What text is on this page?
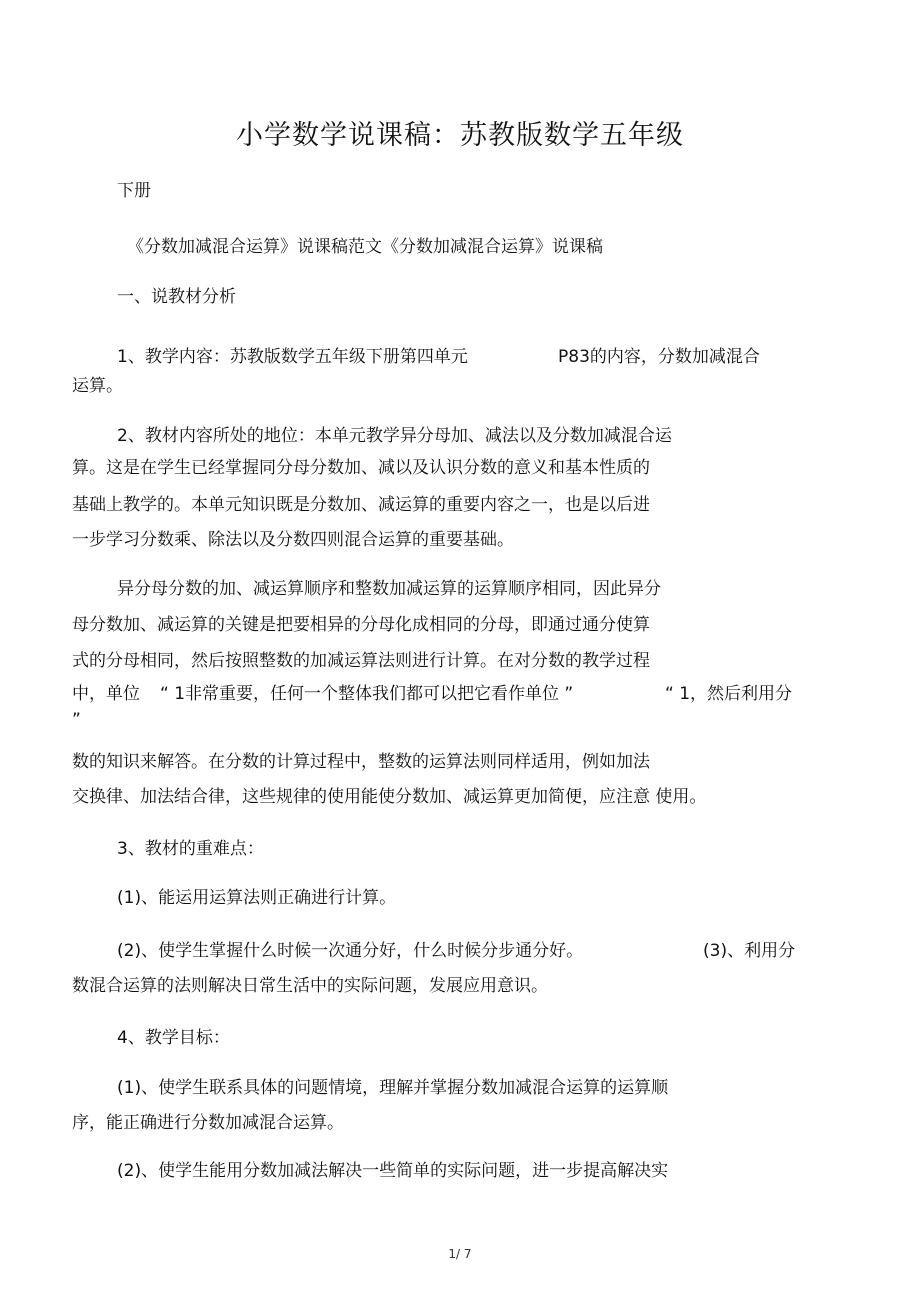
小学数学说课稿：苏教版数学五年级
下册
《分数加减混合运算》说课稿范文《分数加减混合运算》说课稿
一、说教材分析
1、教学内容：苏教版数学五年级下册第四单元	P83的内容，分数加减混合
运算。
2、教材内容所处的地位：本单元教学异分母加、减法以及分数加减混合运
算。这是在学生已经掌握同分母分数加、减以及认识分数的意义和基本性质的
基础上教学的。本单元知识既是分数加、减运算的重要内容之一，也是以后进
一步学习分数乘、除法以及分数四则混合运算的重要基础。
异分母分数的加、减运算顺序和整数加减运算的运算顺序相同，因此异分
母分数加、减运算的关键是把要相异的分母化成相同的分母，即通过通分使算
式的分母相同，然后按照整数的加减运算法则进行计算。在对分数的教学过程
中，单位 “ 1非常重要，任何一个整体我们都可以把它看作单位 ”	“ 1，然后利用分
”
数的知识来解答。在分数的计算过程中，整数的运算法则同样适用，例如加法
交换律、加法结合律，这些规律的使用能使分数加、减运算更加简便，应注意 使用。
3、教材的重难点：
(1)、能运用运算法则正确进行计算。
(2)、使学生掌握什么时候一次通分好，什么时候分步通分好。	(3)、利用分
数混合运算的法则解决日常生活中的实际问题，发展应用意识。
4、教学目标：
(1)、使学生联系具体的问题情境，理解并掌握分数加减混合运算的运算顺
序，能正确进行分数加减混合运算。
(2)、使学生能用分数加减法解决一些简单的实际问题，进一步提高解决实
1/ 7
